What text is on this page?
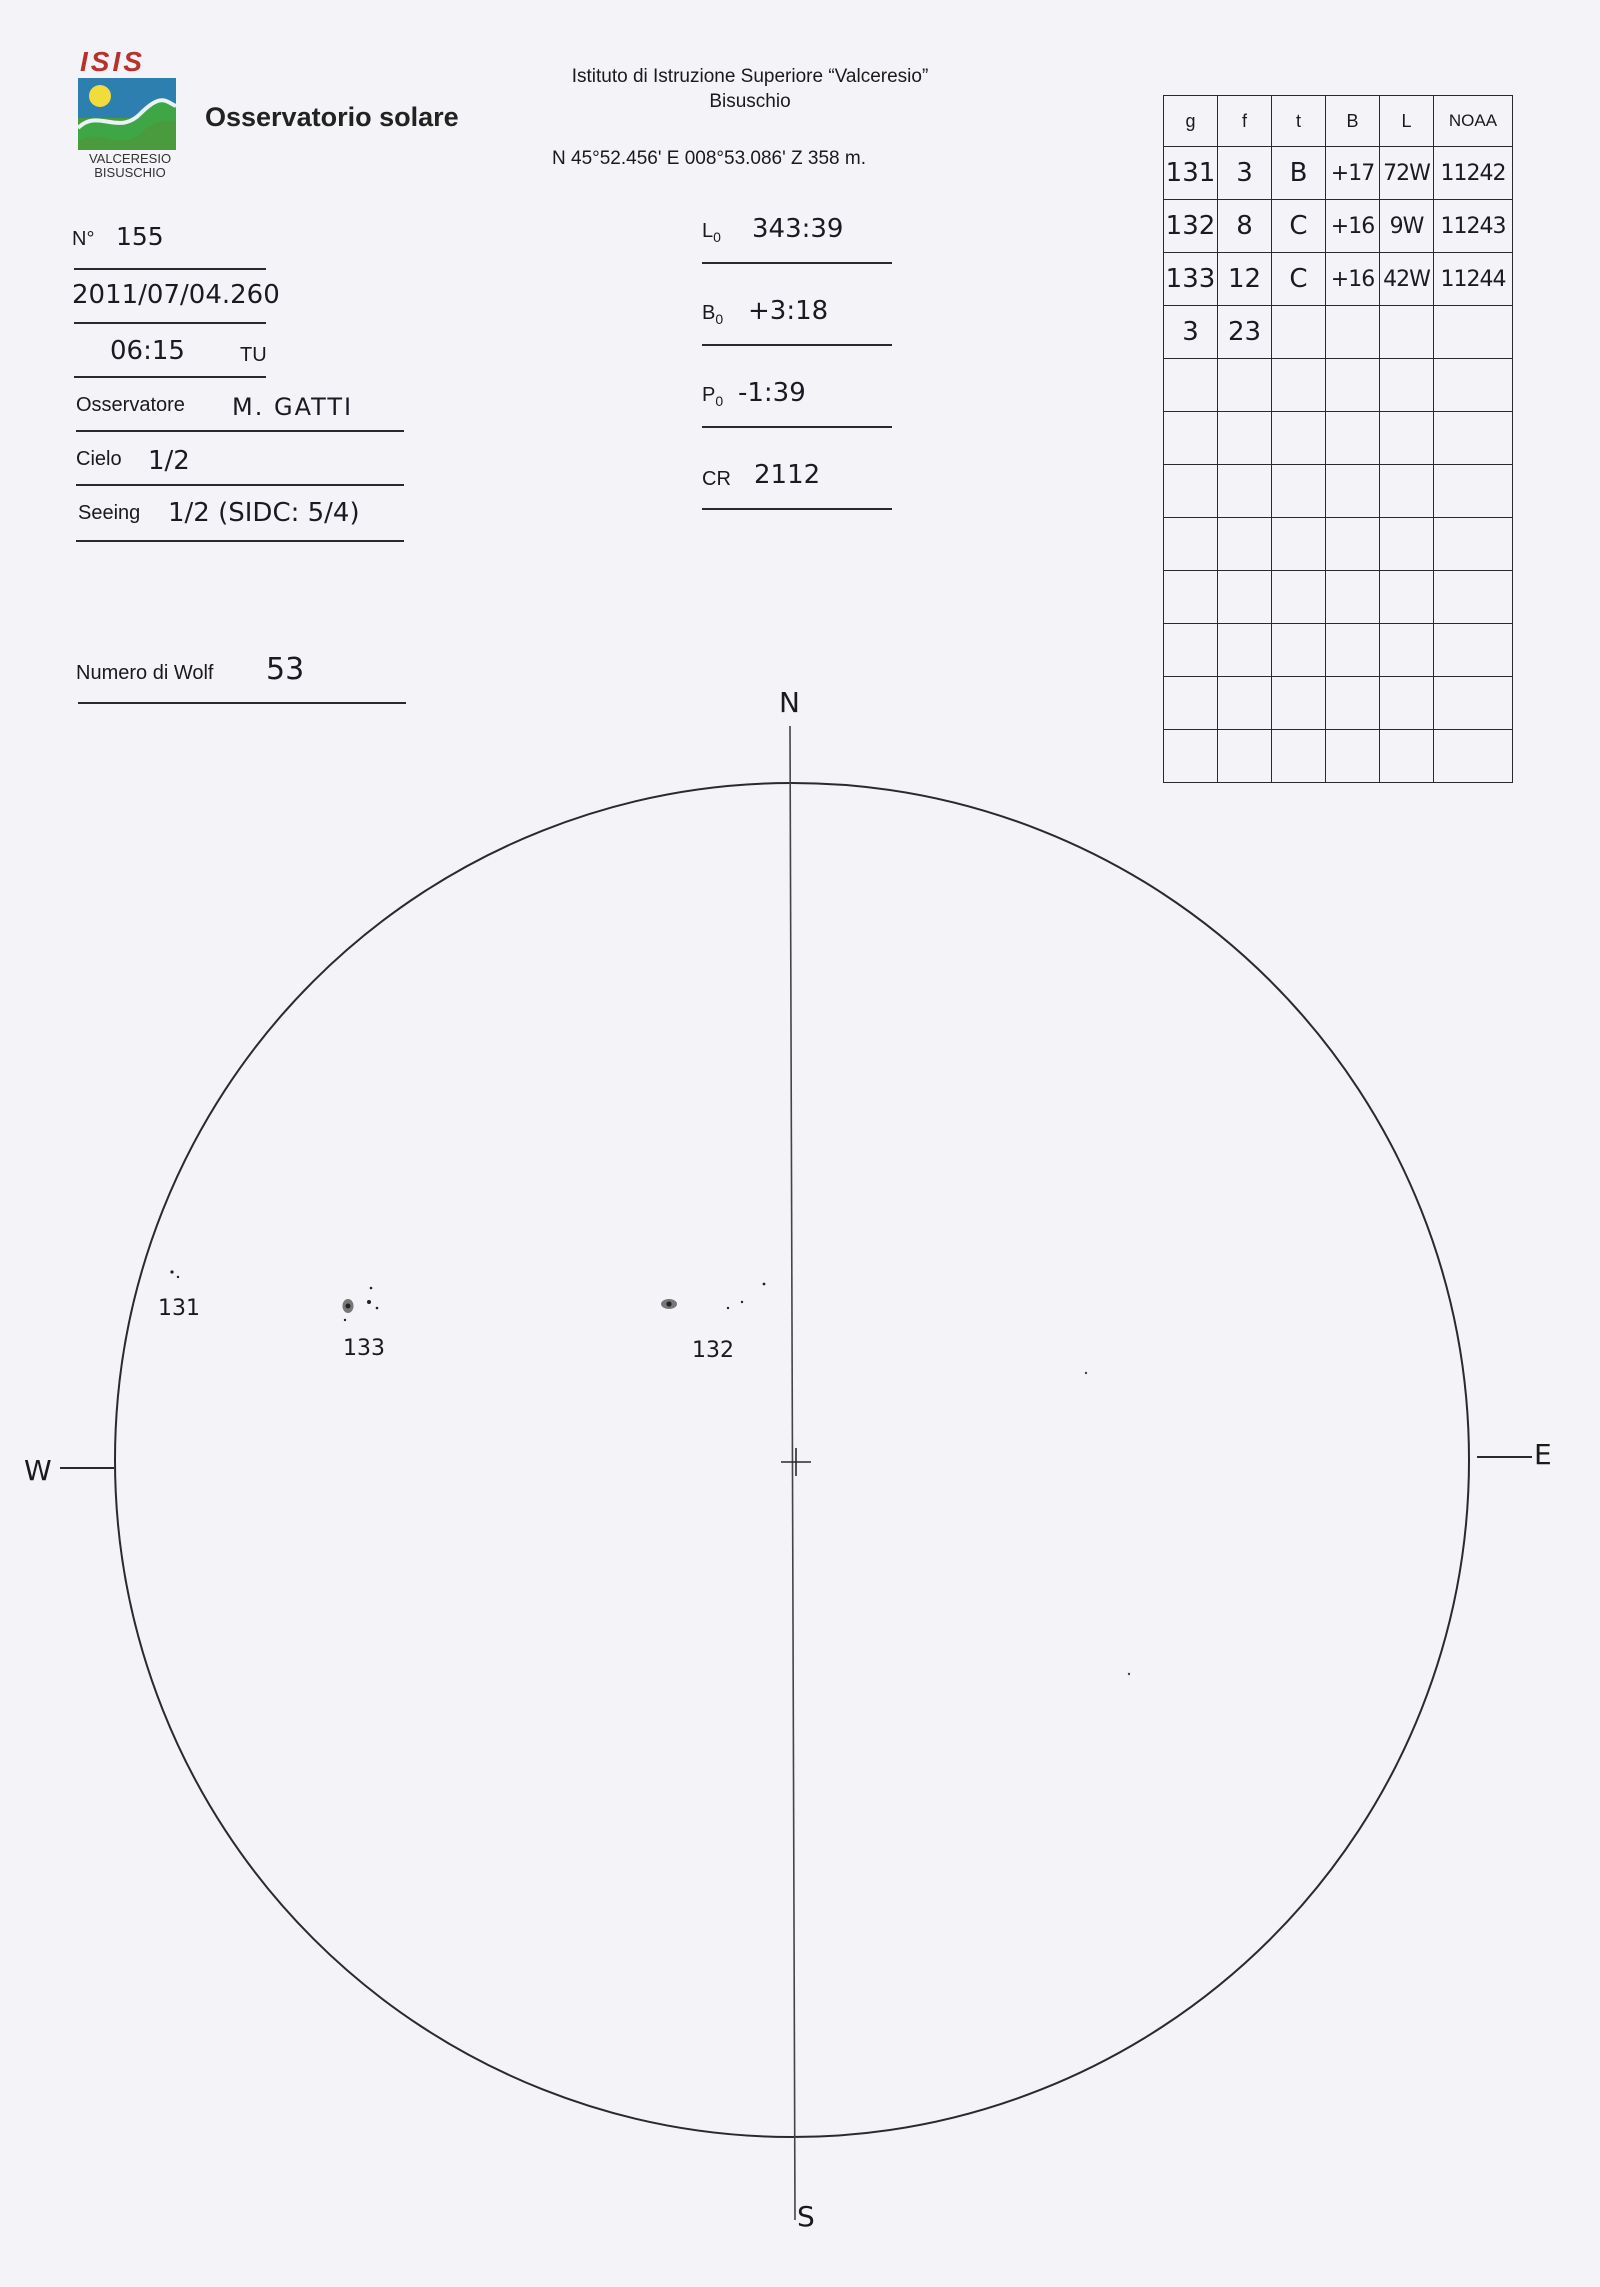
ISIS
VALCERESIO
BISUSCHIO
Osservatorio solare
Istituto di Istruzione Superiore “Valceresio”
Bisuschio
N 45°52.456' E 008°53.086' Z 358 m.
N° 155
2011/07/04.260
06:15	TU
Osservatore M. GATTI
Cielo 1/2
Seeing 1/2 (SIDC: 5/4)
Numero di Wolf 53
$L_0$ 343:39
$B_0$ +3:18
$P_0$ -1:39
CR 2112
g	f	t	B	L	NOAA
131	3	B	+17	72W	11242
132	8	C	+16	9W	11243
133	12	C	+16	42W	11244
3	23				

N
S
E
W
131
133	132
